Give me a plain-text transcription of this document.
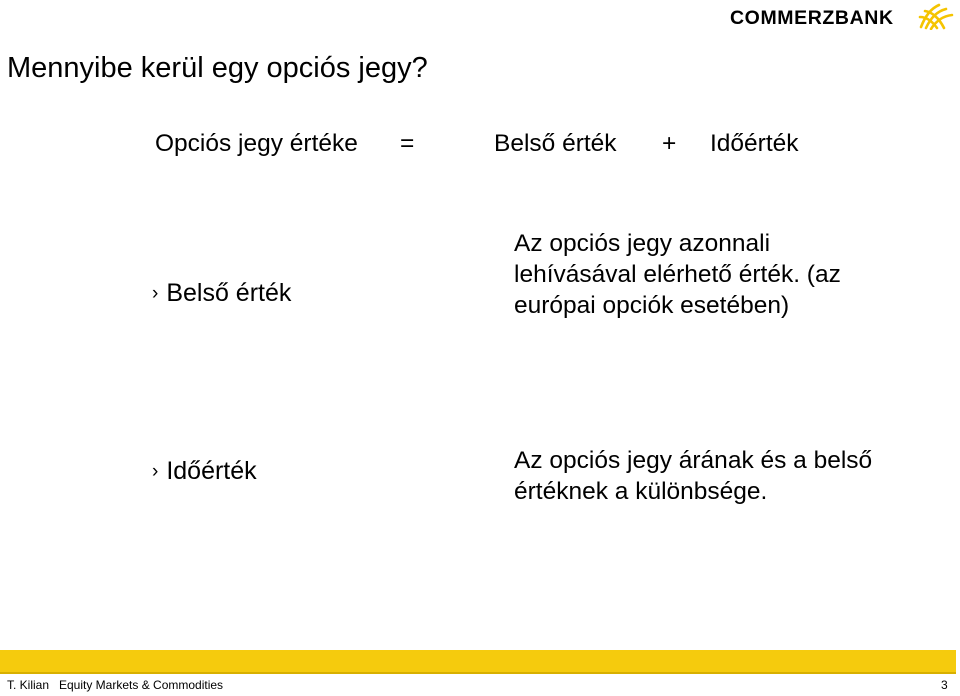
COMMERZBANK
Mennyibe kerül egy opciós jegy?
Opciós jegy értéke =	Belső érték + Időérték
› Belső érték
Az opciós jegy azonnali
lehívásával elérhető érték. (az
európai opciók esetében)
› Időérték	Az opciós jegy árának és a belső
értéknek a különbsége.
T. Kilian Equity Markets & Commodities	3
